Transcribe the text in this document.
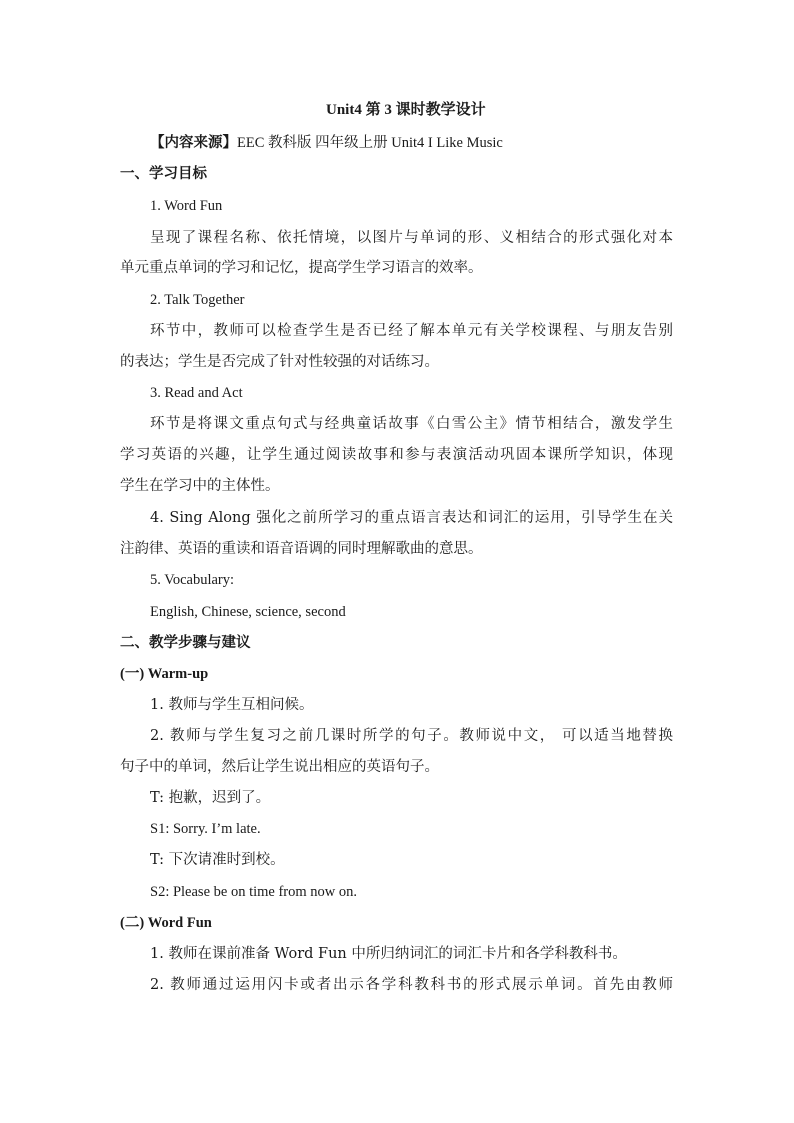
Unit4 第 3 课时教学设计
【内容来源】EEC 教科版 四年级上册 Unit4 I Like Music
一、学习目标
1. Word Fun
呈现了课程名称、依托情境，以图片与单词的形、义相结合的形式强化对本
单元重点单词的学习和记忆，提高学生学习语言的效率。
2. Talk Together
环节中，教师可以检查学生是否已经了解本单元有关学校课程、与朋友告别
的表达；学生是否完成了针对性较强的对话练习。
3. Read and Act
环节是将课文重点句式与经典童话故事《白雪公主》情节相结合，激发学生
学习英语的兴趣，让学生通过阅读故事和参与表演活动巩固本课所学知识，体现
学生在学习中的主体性。
4. Sing Along 强化之前所学习的重点语言表达和词汇的运用，引导学生在关
注韵律、英语的重读和语音语调的同时理解歌曲的意思。
5. Vocabulary:
English, Chinese, science, second
二、教学步骤与建议
(一) Warm-up
1. 教师与学生互相问候。
2. 教师与学生复习之前几课时所学的句子。教师说中文， 可以适当地替换
句子中的单词，然后让学生说出相应的英语句子。
T: 抱歉，迟到了。
S1: Sorry. I’m late.
T: 下次请准时到校。
S2: Please be on time from now on.
(二) Word Fun
1. 教师在课前准备 Word Fun 中所归纳词汇的词汇卡片和各学科教科书。
2. 教师通过运用闪卡或者出示各学科教科书的形式展示单词。首先由教师
